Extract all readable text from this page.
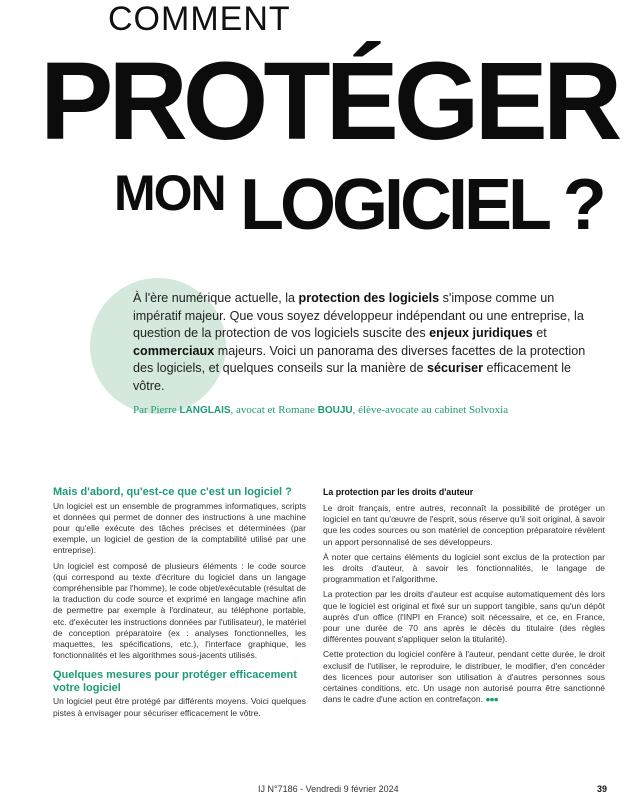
COMMENT
PROTÉGER
MON LOGICIEL ?
À l'ère numérique actuelle, la protection des logiciels s'impose comme un impératif majeur. Que vous soyez développeur indépendant ou une entreprise, la question de la protection de vos logiciels suscite des enjeux juridiques et commerciaux majeurs. Voici un panorama des diverses facettes de la protection des logiciels, et quelques conseils sur la manière de sécuriser efficacement le vôtre.
Par Pierre LANGLAIS, avocat et Romane BOUJU, élève-avocate au cabinet Solvoxia
Mais d'abord, qu'est-ce que c'est un logiciel ?

Un logiciel est un ensemble de programmes informatiques, scripts et données qui permet de donner des instructions à une machine pour qu'elle exécute des tâches précises et déterminées (par exemple, un logiciel de gestion de la comptabilité utilisé par une entreprise).

Un logiciel est composé de plusieurs éléments : le code source (qui correspond au texte d'écriture du logiciel dans un langage compréhensible par l'homme), le code objet/exécutable (résultat de la traduction du code source et exprimé en langage machine afin de permettre par exemple à l'ordinateur, au téléphone portable, etc. d'exécuter les instructions données par l'utilisateur), le matériel de conception préparatoire (ex : analyses fonctionnelles, les maquettes, les spécifications, etc.), l'interface graphique, les fonctionnalités et les algorithmes sous-jacents utilisés.

Quelques mesures pour protéger efficacement votre logiciel

Un logiciel peut être protégé par différents moyens. Voici quelques pistes à envisager pour sécuriser efficacement le vôtre.

La protection par les droits d'auteur

Le droit français, entre autres, reconnaît la possibilité de protéger un logiciel en tant qu'œuvre de l'esprit, sous réserve qu'il soit original, à savoir que les codes sources ou son matériel de conception préparatoire révèlent un apport personnalisé de ses développeurs.

À noter que certains éléments du logiciel sont exclus de la protection par les droits d'auteur, à savoir les fonctionnalités, le langage de programmation et l'algorithme.

La protection par les droits d'auteur est acquise automatiquement dès lors que le logiciel est original et fixé sur un support tangible, sans qu'un dépôt auprès d'un office (l'INPI en France) soit nécessaire, et ce, en France, pour une durée de 70 ans après le décès du titulaire (des règles différentes pouvant s'appliquer selon la titularité).

Cette protection du logiciel confère à l'auteur, pendant cette durée, le droit exclusif de l'utiliser, le reproduire, le distribuer, le modifier, d'en concéder des licences pour autoriser son utilisation à d'autres personnes sous certaines conditions, etc. Un usage non autorisé pourra être sanctionné dans le cadre d'une action en contrefaçon. ●●●

IJ N°7186 - Vendredi 9 février 2024	39
